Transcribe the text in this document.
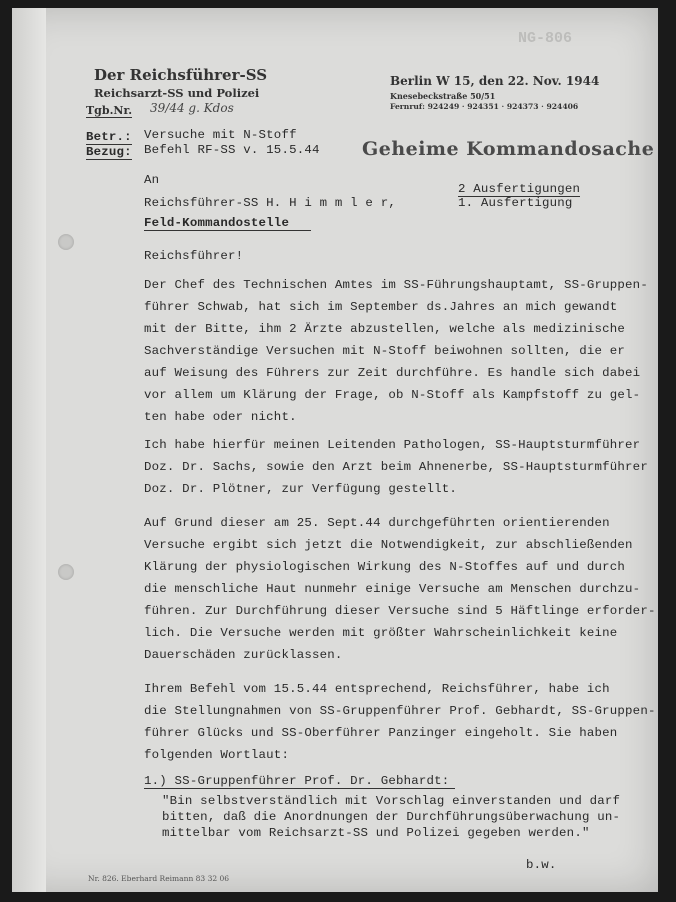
NG-806
Der Reichsführer-SS
Reichsarzt-SS und Polizei
Tgb.Nr. 39/44 g. Kdos
Berlin W 15, den 22. Nov. 1944
Knesebeckstraße 50/51
Fernruf: 924249 · 924351 · 924373 · 924406
Betr.: Versuche mit N-Stoff
Bezug: Befehl RF-SS v. 15.5.44 Geheime Kommandosache
An
Reichsführer-SS H. H i m m l e r,
Feld-Kommandostelle
2 Ausfertigungen
1. Ausfertigung
Reichsführer!
Der Chef des Technischen Amtes im SS-Führungshauptamt, SS-Gruppen-
führer Schwab, hat sich im September ds.Jahres an mich gewandt
mit der Bitte, ihm 2 Ärzte abzustellen, welche als medizinische
Sachverständige Versuchen mit N-Stoff beiwohnen sollten, die er
auf Weisung des Führers zur Zeit durchführe. Es handle sich dabei
vor allem um Klärung der Frage, ob N-Stoff als Kampfstoff zu gel-
ten habe oder nicht.
Ich habe hierfür meinen Leitenden Pathologen, SS-Hauptsturmführer
Doz. Dr. Sachs, sowie den Arzt beim Ahnenerbe, SS-Hauptsturmführer
Doz. Dr. Plötner, zur Verfügung gestellt.
Auf Grund dieser am 25. Sept.44 durchgeführten orientierenden
Versuche ergibt sich jetzt die Notwendigkeit, zur abschließenden
Klärung der physiologischen Wirkung des N-Stoffes auf und durch
die menschliche Haut nunmehr einige Versuche am Menschen durchzu-
führen. Zur Durchführung dieser Versuche sind 5 Häftlinge erforder-
lich. Die Versuche werden mit größter Wahrscheinlichkeit keine
Dauerschäden zurücklassen.
Ihrem Befehl vom 15.5.44 entsprechend, Reichsführer, habe ich
die Stellungnahmen von SS-Gruppenführer Prof. Gebhardt, SS-Gruppen-
führer Glücks und SS-Oberführer Panzinger eingeholt. Sie haben
folgenden Wortlaut:
1.) SS-Gruppenführer Prof. Dr. Gebhardt:
"Bin selbstverständlich mit Vorschlag einverstanden und darf
bitten, daß die Anordnungen der Durchführungsüberwachung un-
mittelbar vom Reichsarzt-SS und Polizei gegeben werden."
b.w.
Nr. 826. Eberhard Reimann 83 32 06
